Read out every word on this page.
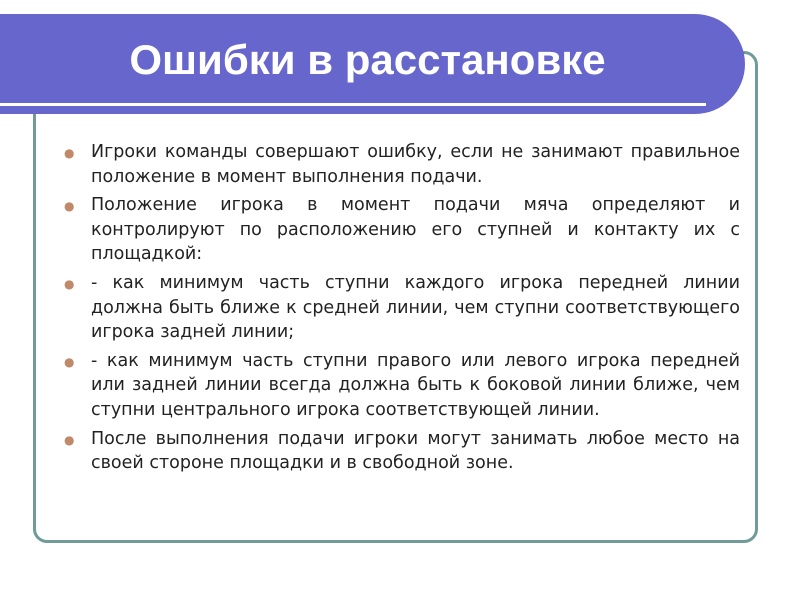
Ошибки в расстановке
● Игроки команды совершают ошибку, если не занимают правильное положение в момент выполнения подачи.
● Положение игрока в момент подачи мяча определяют и контролируют по расположению его ступней и контакту их с площадкой:
● - как минимум часть ступни каждого игрока передней линии должна быть ближе к средней линии, чем ступни соответствующего игрока задней линии;
● - как минимум часть ступни правого или левого игрока передней или задней линии всегда должна быть к боковой линии ближе, чем ступни центрального игрока соответствующей линии.
● После выполнения подачи игроки могут занимать любое место на своей стороне площадки и в свободной зоне.
